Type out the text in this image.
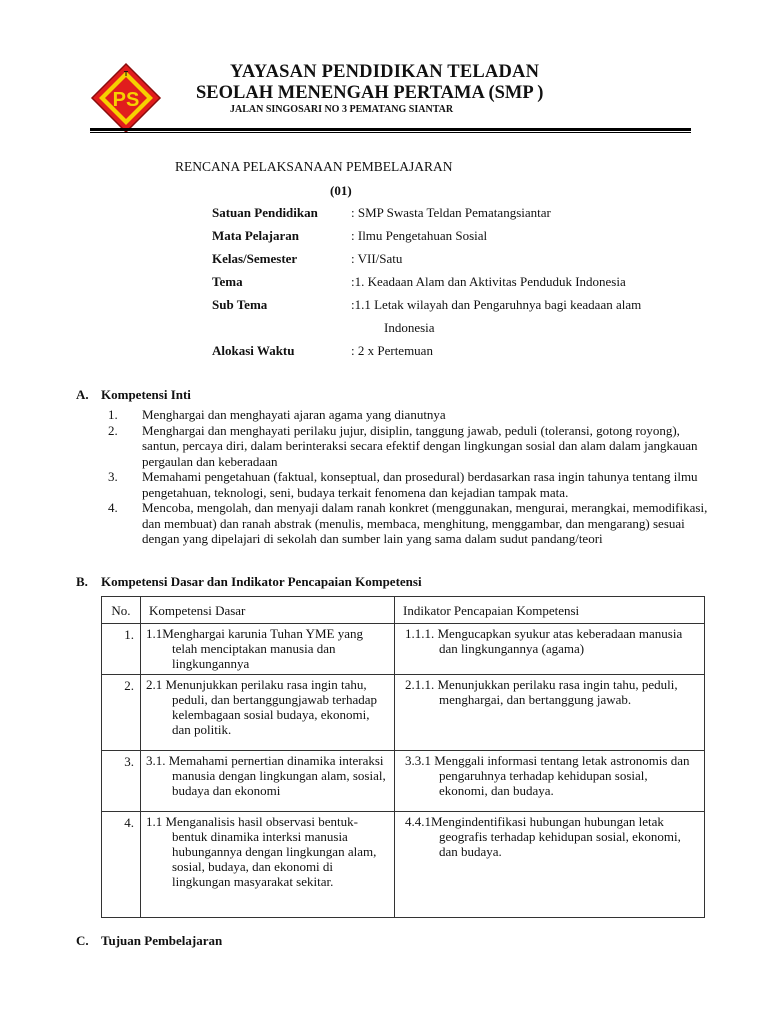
PS
T	YAYASAN PENDIDIKAN TELADAN
SEOLAH MENENGAH PERTAMA (SMP )
JALAN SINGOSARI NO 3 PEMATANG SIANTAR
RENCANA PELAKSANAAN PEMBELAJARAN
(01)
Satuan Pendidikan	: SMP Swasta Teldan Pematangsiantar
Mata Pelajaran	: Ilmu Pengetahuan Sosial
Kelas/Semester	: VII/Satu
Tema	:1. Keadaan Alam dan Aktivitas Penduduk Indonesia
Sub Tema	:1.1 Letak wilayah dan Pengaruhnya bagi keadaan alam
Indonesia
Alokasi Waktu	: 2 x Pertemuan
A. Kompetensi Inti
1.	Menghargai dan menghayati ajaran agama yang dianutnya
2.	Menghargai dan menghayati perilaku jujur, disiplin, tanggung jawab, peduli (toleransi, gotong royong), santun, percaya diri, dalam berinteraksi secara efektif dengan lingkungan sosial dan alam dalam jangkauan pergaulan dan keberadaan
3.	Memahami pengetahuan (faktual, konseptual, dan prosedural) berdasarkan rasa ingin tahunya tentang ilmu pengetahuan, teknologi, seni, budaya terkait fenomena dan kejadian tampak mata.
4.	Mencoba, mengolah, dan menyaji dalam ranah konkret (menggunakan, mengurai, merangkai, memodifikasi, dan membuat) dan ranah abstrak (menulis, membaca, menghitung, menggambar, dan mengarang) sesuai dengan yang dipelajari di sekolah dan sumber lain yang sama dalam sudut pandang/teori
B. Kompetensi Dasar dan Indikator Pencapaian Kompetensi
No.	Kompetensi Dasar	Indikator Pencapaian Kompetensi
1.	1.1Menghargai karunia Tuhan YME yang telah menciptakan manusia dan lingkungannya	1.1.1. Mengucapkan syukur atas keberadaan manusia dan lingkungannya (agama)

2.	2.1 Menunjukkan perilaku rasa ingin tahu, peduli, dan bertanggungjawab terhadap kelembagaan sosial budaya, ekonomi, dan politik.	2.1.1. Menunjukkan perilaku rasa ingin tahu, peduli, menghargai, dan bertanggung jawab.

3.	3.1. Memahami pernertian dinamika interaksi manusia dengan lingkungan alam, sosial, budaya dan ekonomi	3.3.1 Menggali informasi tentang letak astronomis dan pengaruhnya terhadap kehidupan sosial, ekonomi, dan budaya.

4.	1.1 Menganalisis hasil observasi bentuk-bentuk dinamika interksi manusia hubungannya dengan lingkungan alam, sosial, budaya, dan ekonomi di lingkungan masyarakat sekitar.	4.4.1Mengindentifikasi hubungan hubungan letak geografis terhadap kehidupan sosial, ekonomi, dan budaya.
C. Tujuan Pembelajaran
